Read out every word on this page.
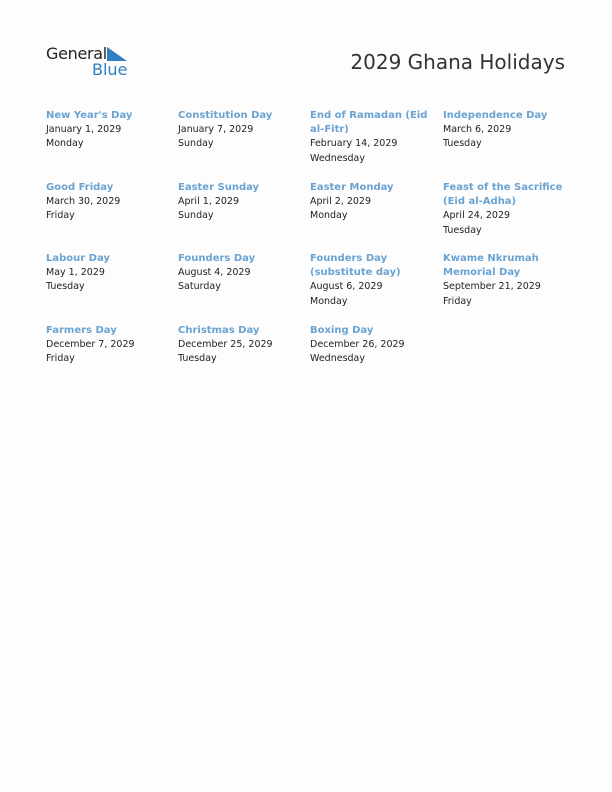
General
Blue	2029 Ghana Holidays
New Year's Day
January 1, 2029
Monday
Constitution Day
January 7, 2029
Sunday
End of Ramadan (Eid al-Fitr)
February 14, 2029
Wednesday
Independence Day
March 6, 2029
Tuesday
Good Friday
March 30, 2029
Friday
Easter Sunday
April 1, 2029
Sunday
Easter Monday
April 2, 2029
Monday
Feast of the Sacrifice (Eid al-Adha)
April 24, 2029
Tuesday
Labour Day
May 1, 2029
Tuesday
Founders Day
August 4, 2029
Saturday
Founders Day (substitute day)
August 6, 2029
Monday
Kwame Nkrumah Memorial Day
September 21, 2029
Friday
Farmers Day
December 7, 2029
Friday
Christmas Day
December 25, 2029
Tuesday
Boxing Day
December 26, 2029
Wednesday
